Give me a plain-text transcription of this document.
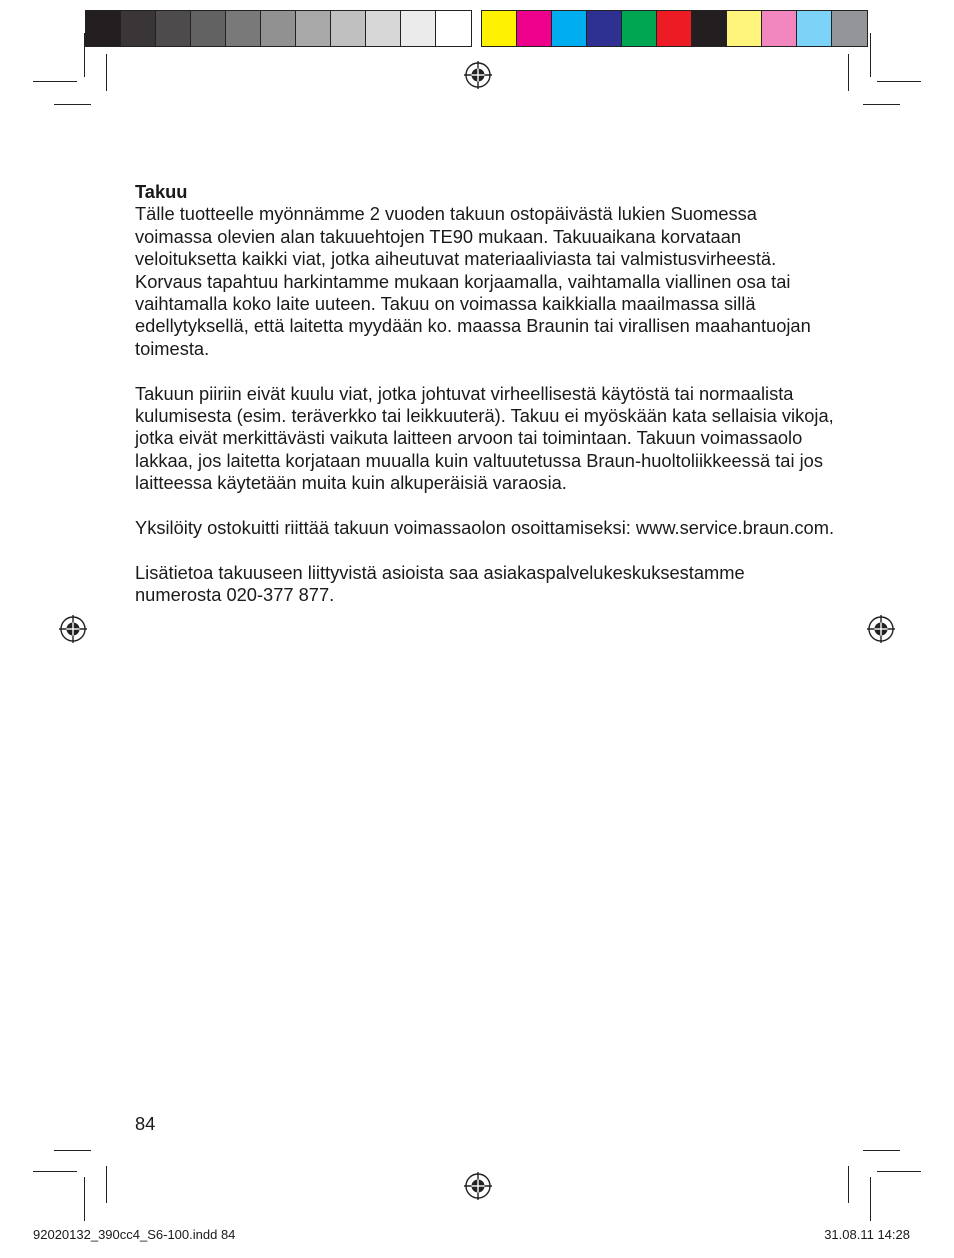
Takuu
Tälle tuotteelle myönnämme 2 vuoden takuun ostopäivästä lukien Suomessa voimassa olevien alan takuuehtojen TE90 mukaan. Takuuaikana korvataan veloituksetta kaikki viat, jotka aiheutuvat materiaaliviasta tai valmistusvirheestä. Korvaus tapahtuu harkintamme mukaan korjaamalla, vaihtamalla viallinen osa tai vaihtamalla koko laite uuteen. Takuu on voimassa kaikkialla maailmassa sillä edellytyksellä, että laitetta myydään ko. maassa Braunin tai virallisen maahantuojan toimesta.

Takuun piiriin eivät kuulu viat, jotka johtuvat virheellisestä käytöstä tai normaalista kulumisesta (esim. teräverkko tai leikkuuterä). Takuu ei myöskään kata sellaisia vikoja, jotka eivät merkittävästi vaikuta laitteen arvoon tai toimintaan. Takuun voimassaolo lakkaa, jos laitetta korjataan muualla kuin valtuutetussa Braun-huoltoliikkeessä tai jos laitteessa käytetään muita kuin alkuperäisiä varaosia.

Yksilöity ostokuitti riittää takuun voimassaolon osoittamiseksi: www.service.braun.com.

Lisätietoa takuuseen liittyvistä asioista saa asiakaspalvelukeskuksestamme numerosta 020-377 877.

84
92020132_390cc4_S6-100.indd 84	31.08.11 14:28
